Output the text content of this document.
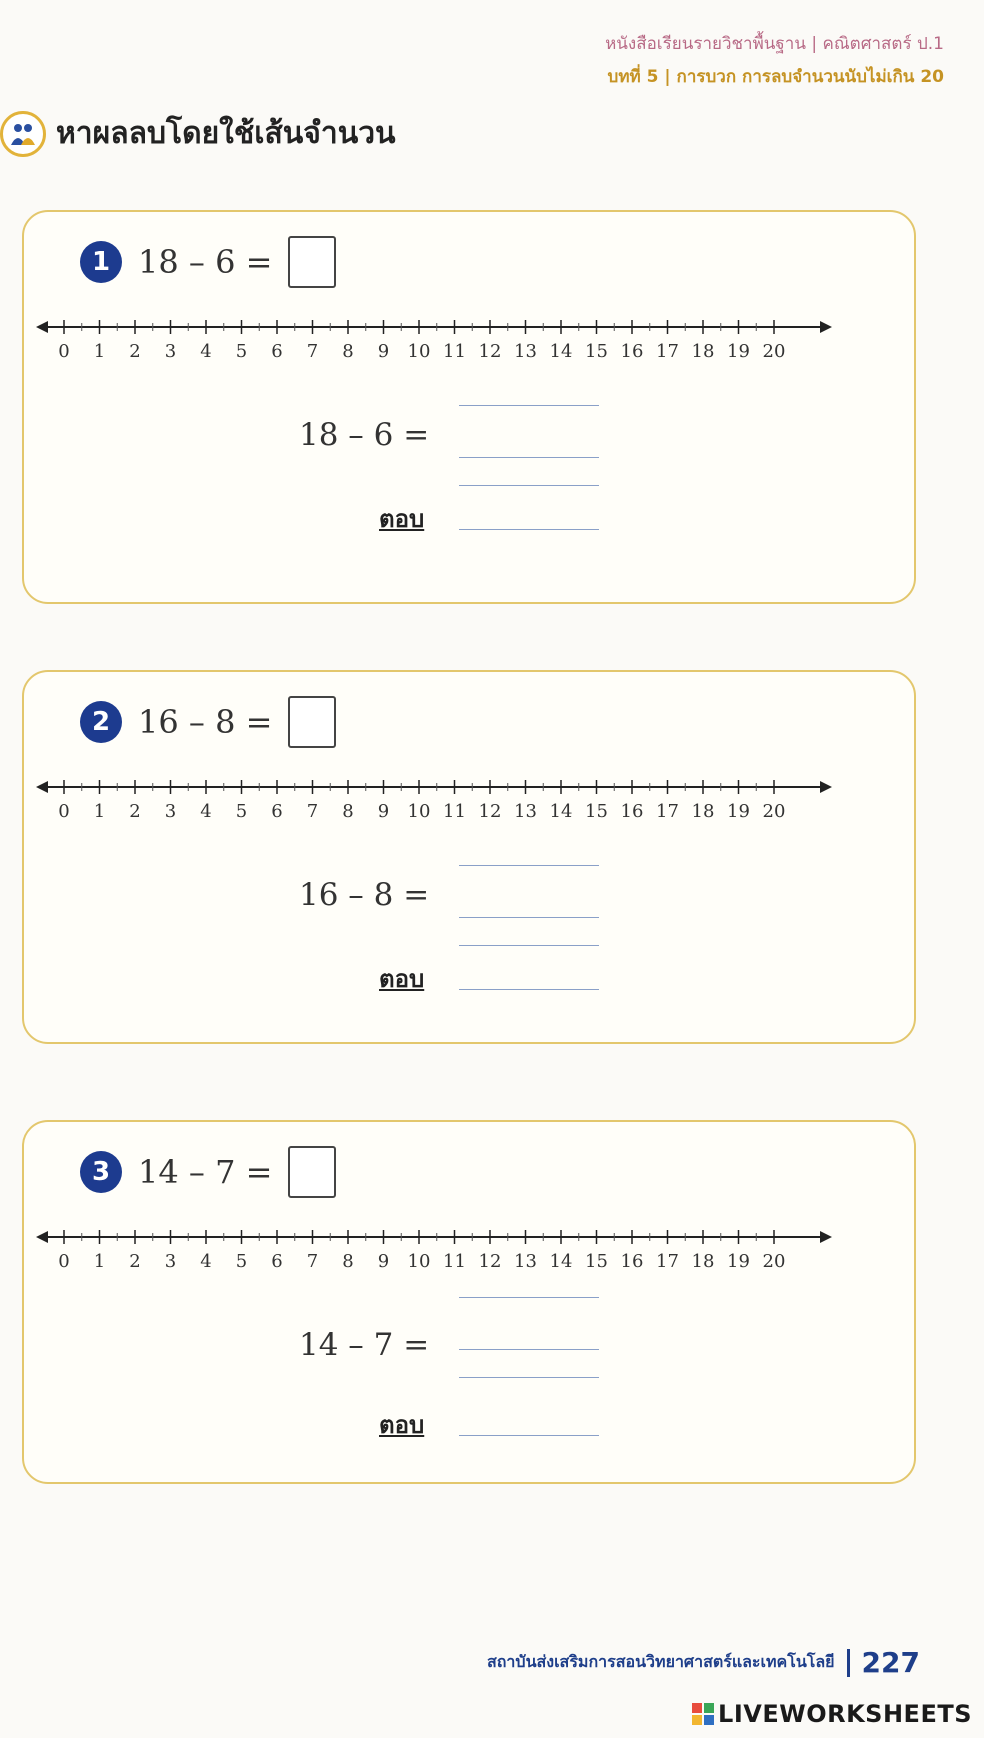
หนังสือเรียนรายวิชาพื้นฐาน | คณิตศาสตร์ ป.1
บทที่ 5 | การบวก การลบจำนวนนับไม่เกิน 20
หาผลลบโดยใช้เส้นจำนวน
1 18 – 6 =
0 1 2 3 4 5 6 7 8 9 10 11 12 13 14 15 16 17 18 19 20
18 – 6 =
ตอบ
2 16 – 8 =
0 1 2 3 4 5 6 7 8 9 10 11 12 13 14 15 16 17 18 19 20
16 – 8 =
ตอบ
3 14 – 7 =
0 1 2 3 4 5 6 7 8 9 10 11 12 13 14 15 16 17 18 19 20
14 – 7 =
ตอบ
สถาบันส่งเสริมการสอนวิทยาศาสตร์และเทคโนโลยี 227
LIVEWORKSHEETS
